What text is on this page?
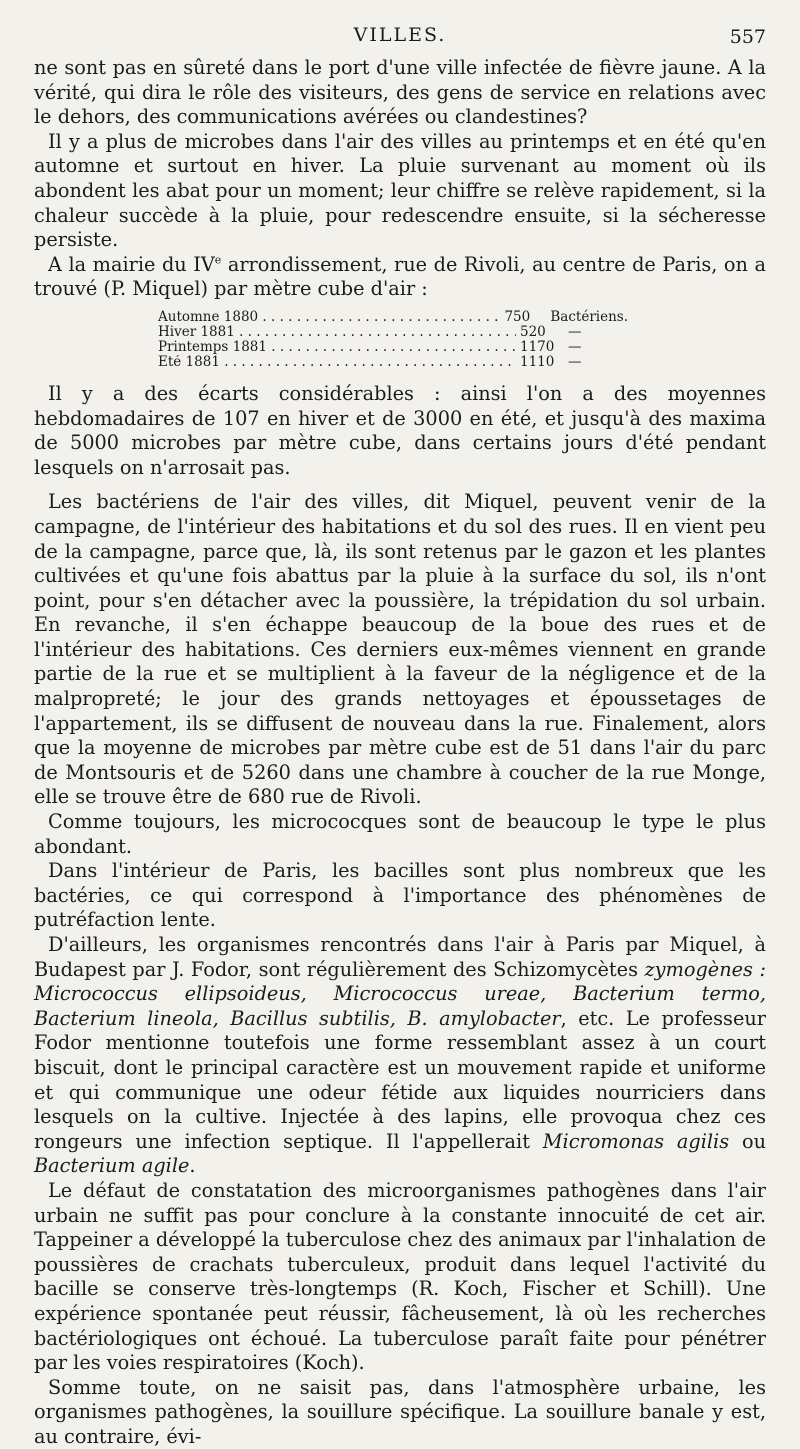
VILLES.	557

ne sont pas en sûreté dans le port d'une ville infectée de fièvre jaune. A la vérité, qui dira le rôle des visiteurs, des gens de service en relations avec le dehors, des communications avérées ou clandestines?

Il y a plus de microbes dans l'air des villes au printemps et en été qu'en automne et surtout en hiver. La pluie survenant au moment où ils abondent les abat pour un moment; leur chiffre se relève rapidement, si la chaleur succède à la pluie, pour redescendre ensuite, si la sécheresse persiste.

A la mairie du IVe arrondissement, rue de Rivoli, au centre de Paris, on a trouvé (P. Miquel) par mètre cube d'air :

Automne 1880 . . .	750	Bactériens.
Hiver 1881 . . .	520	—
Printemps 1881 . . .	1170	—
Été 1881 . . .	1110	—

Il y a des écarts considérables : ainsi l'on a des moyennes hebdomadaires de 107 en hiver et de 3000 en été, et jusqu'à des maxima de 5000 microbes par mètre cube, dans certains jours d'été pendant lesquels on n'arrosait pas.

Les bactériens de l'air des villes, dit Miquel, peuvent venir de la campagne, de l'intérieur des habitations et du sol des rues. Il en vient peu de la campagne, parce que, là, ils sont retenus par le gazon et les plantes cultivées et qu'une fois abattus par la pluie à la surface du sol, ils n'ont point, pour s'en détacher avec la poussière, la trépidation du sol urbain. En revanche, il s'en échappe beaucoup de la boue des rues et de l'intérieur des habitations. Ces derniers eux-mêmes viennent en grande partie de la rue et se multiplient à la faveur de la négligence et de la malpropreté; le jour des grands nettoyages et époussetages de l'appartement, ils se diffusent de nouveau dans la rue. Finalement, alors que la moyenne de microbes par mètre cube est de 51 dans l'air du parc de Montsouris et de 5260 dans une chambre à coucher de la rue Monge, elle se trouve être de 680 rue de Rivoli.

Comme toujours, les micrococques sont de beaucoup le type le plus abondant.

Dans l'intérieur de Paris, les bacilles sont plus nombreux que les bactéries, ce qui correspond à l'importance des phénomènes de putréfaction lente.

D'ailleurs, les organismes rencontrés dans l'air à Paris par Miquel, à Budapest par J. Fodor, sont régulièrement des Schizomycètes zymogènes : Micrococcus ellipsoideus, Micrococcus ureae, Bacterium termo, Bacterium lineola, Bacillus subtilis, B. amylobacter, etc. Le professeur Fodor mentionne toutefois une forme ressemblant assez à un court biscuit, dont le principal caractère est un mouvement rapide et uniforme et qui communique une odeur fétide aux liquides nourriciers dans lesquels on la cultive. Injectée à des lapins, elle provoqua chez ces rongeurs une infection septique. Il l'appellerait Micromonas agilis ou Bacterium agile.

Le défaut de constatation des microorganismes pathogènes dans l'air urbain ne suffit pas pour conclure à la constante innocuité de cet air. Tappeiner a développé la tuberculose chez des animaux par l'inhalation de poussières de crachats tuberculeux, produit dans lequel l'activité du bacille se conserve très-longtemps (R. Koch, Fischer et Schill). Une expérience spontanée peut réussir, fâcheusement, là où les recherches bactériologiques ont échoué. La tuberculose paraît faite pour pénétrer par les voies respiratoires (Koch).

Somme toute, on ne saisit pas, dans l'atmosphère urbaine, les organismes pathogènes, la souillure spécifique. La souillure banale y est, au contraire, évi-
